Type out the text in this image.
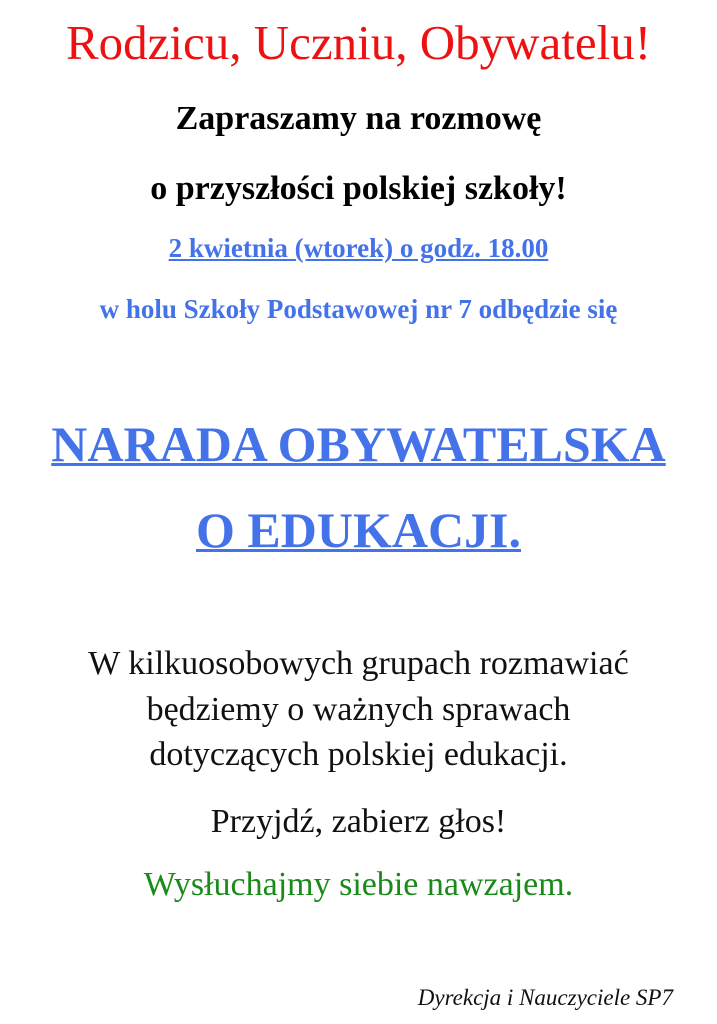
Rodzicu, Uczniu, Obywatelu!
Zapraszamy na rozmowę
o przyszłości polskiej szkoły!
2 kwietnia (wtorek) o godz. 18.00
w holu Szkoły Podstawowej nr 7 odbędzie się
NARADA OBYWATELSKA
O EDUKACJI.
W kilkuosobowych grupach rozmawiać
będziemy o ważnych sprawach
dotyczących polskiej edukacji.
Przyjdź, zabierz głos!
Wysłuchajmy siebie nawzajem.
Dyrekcja i Nauczyciele SP7
